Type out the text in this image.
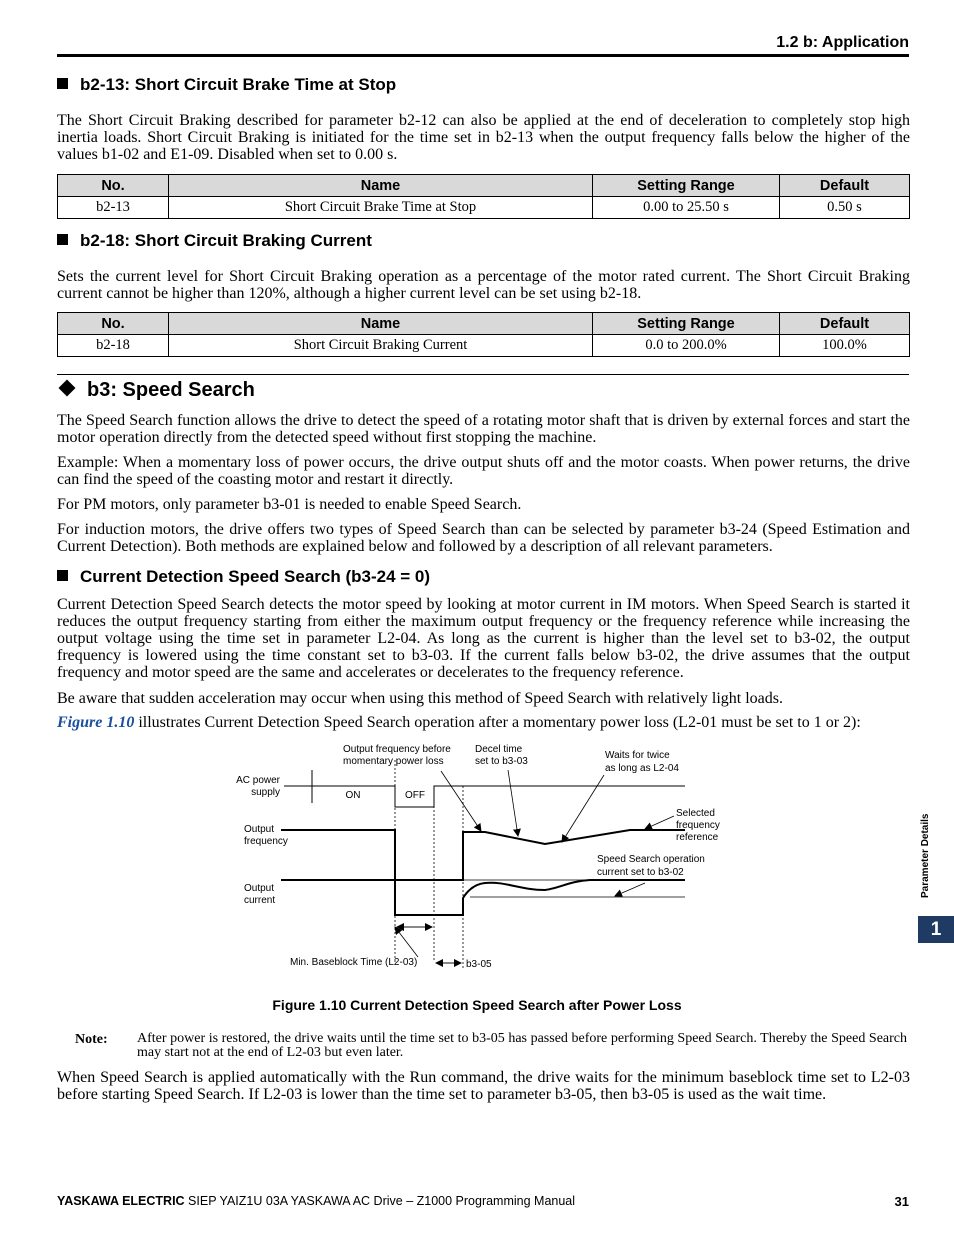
1.2 b: Application
b2-13: Short Circuit Brake Time at Stop
The Short Circuit Braking described for parameter b2-12 can also be applied at the end of deceleration to completely stop high inertia loads. Short Circuit Braking is initiated for the time set in b2-13 when the output frequency falls below the higher of the values b1-02 and E1-09. Disabled when set to 0.00 s.
No.	Name	Setting Range	Default
b2-13	Short Circuit Brake Time at Stop	0.00 to 25.50 s	0.50 s
b2-18: Short Circuit Braking Current
Sets the current level for Short Circuit Braking operation as a percentage of the motor rated current. The Short Circuit Braking current cannot be higher than 120%, although a higher current level can be set using b2-18.
No.	Name	Setting Range	Default
b2-18	Short Circuit Braking Current	0.0 to 200.0%	100.0%
b3: Speed Search
The Speed Search function allows the drive to detect the speed of a rotating motor shaft that is driven by external forces and start the motor operation directly from the detected speed without first stopping the machine.
Example: When a momentary loss of power occurs, the drive output shuts off and the motor coasts. When power returns, the drive can find the speed of the coasting motor and restart it directly.
For PM motors, only parameter b3-01 is needed to enable Speed Search.
For induction motors, the drive offers two types of Speed Search than can be selected by parameter b3-24 (Speed Estimation and Current Detection). Both methods are explained below and followed by a description of all relevant parameters.
Current Detection Speed Search (b3-24 = 0)
Current Detection Speed Search detects the motor speed by looking at motor current in IM motors. When Speed Search is started it reduces the output frequency starting from either the maximum output frequency or the frequency reference while increasing the output voltage using the time set in parameter L2-04. As long as the current is higher than the level set to b3-02, the output frequency is lowered using the time constant set to b3-03. If the current falls below b3-02, the drive assumes that the output frequency and motor speed are the same and accelerates or decelerates to the frequency reference.
Be aware that sudden acceleration may occur when using this method of Speed Search with relatively light loads.
Figure 1.10 illustrates Current Detection Speed Search operation after a momentary power loss (L2-01 must be set to 1 or 2):
AC power
supply
Output
frequency
Output
current
Output frequency before
momentary power loss
Decel time
set to b3-03
Waits for twice
as long as L2-04
Selected
frequency
reference
Speed Search operation
current set to b3-02
Min. Baseblock Time (L2-03)	b3-05
ON	OFF
Figure 1.10 Current Detection Speed Search after Power Loss
Note: After power is restored, the drive waits until the time set to b3-05 has passed before performing Speed Search. Thereby the Speed Search may start not at the end of L2-03 but even later.
When Speed Search is applied automatically with the Run command, the drive waits for the minimum baseblock time set to L2-03 before starting Speed Search. If L2-03 is lower than the time set to parameter b3-05, then b3-05 is used as the wait time.
Parameter Details
1
YASKAWA ELECTRIC SIEP YAIZ1U 03A YASKAWA AC Drive – Z1000 Programming Manual	31
